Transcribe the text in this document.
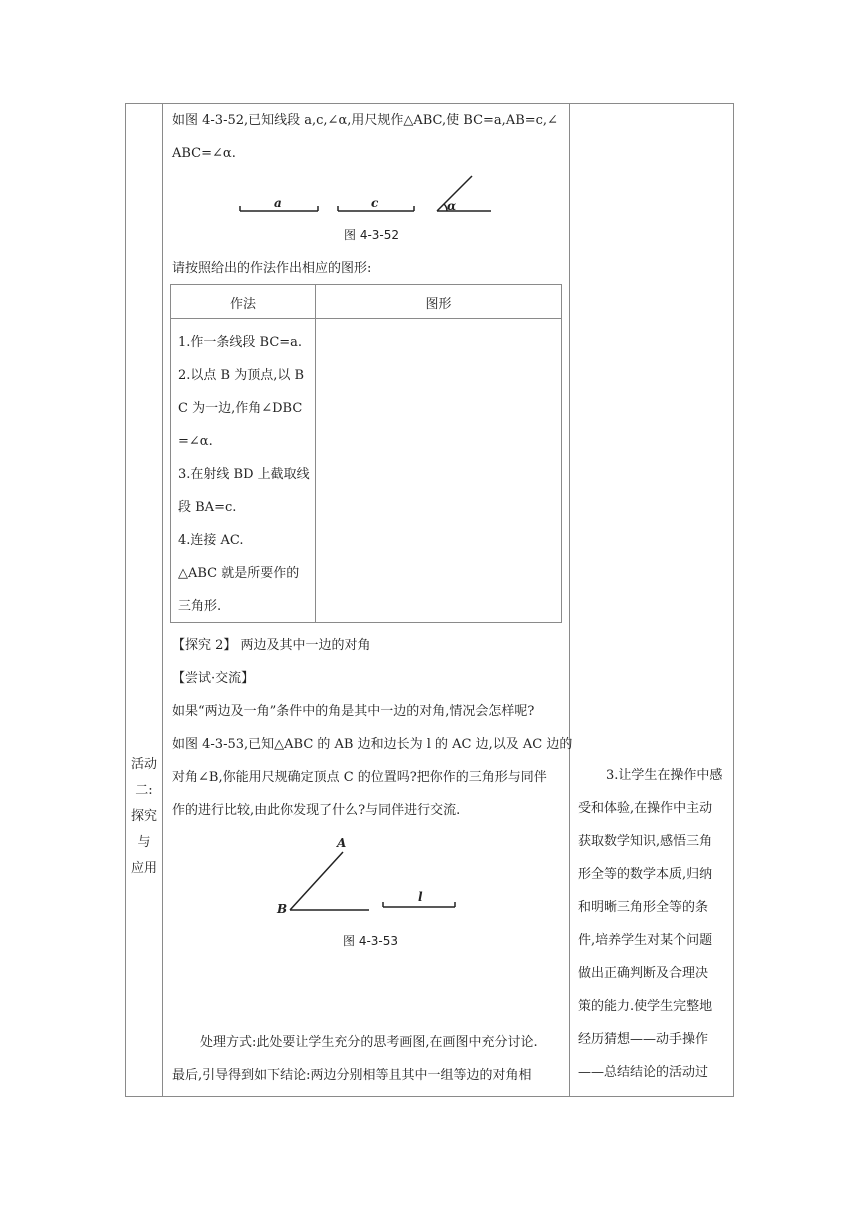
活动
二:
探究
与
应用
如图 4-3-52,已知线段 a,c,∠α,用尺规作△ABC,使 BC=a,AB=c,∠
ABC=∠α.
a	c	α
图 4-3-52
请按照给出的作法作出相应的图形:
作法	图形
1.作一条线段 BC=a.
2.以点 B 为顶点,以 BC 为一边,作角∠DBC=∠α.
3.在射线 BD 上截取线段 BA=c.
4.连接 AC.
△ABC 就是所要作的三角形.
【探究 2】 两边及其中一边的对角
【尝试·交流】
如果“两边及一角”条件中的角是其中一边的对角,情况会怎样呢?
如图 4-3-53,已知△ABC 的 AB 边和边长为 l 的 AC 边,以及 AC 边的
对角∠B,你能用尺规确定顶点 C 的位置吗?把你作的三角形与同伴
作的进行比较,由此你发现了什么?与同伴进行交流.
A
B
l
图 4-3-53
处理方式:此处要让学生充分的思考画图,在画图中充分讨论.
最后,引导得到如下结论:两边分别相等且其中一组等边的对角相
3.让学生在操作中感
受和体验,在操作中主动
获取数学知识,感悟三角
形全等的数学本质,归纳
和明晰三角形全等的条
件,培养学生对某个问题
做出正确判断及合理决
策的能力.使学生完整地
经历猜想——动手操作
——总结结论的活动过
